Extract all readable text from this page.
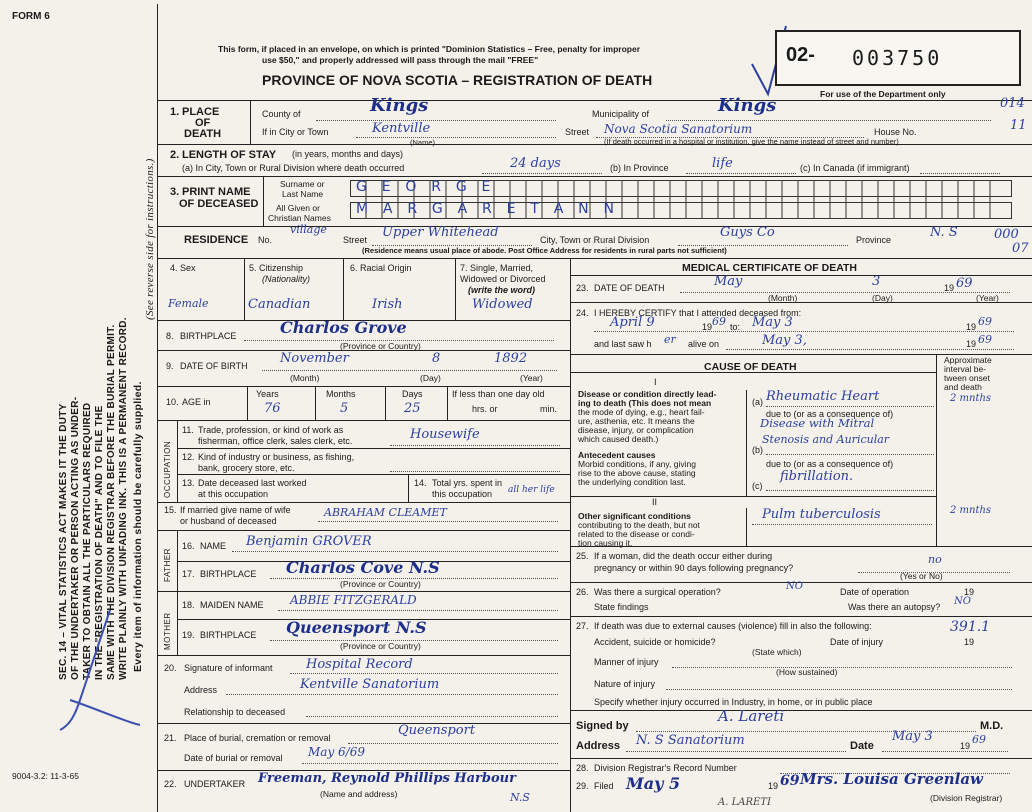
FORM 6
SEC. 14 – VITAL STATISTICS ACT MAKES IT THE DUTY OF THE UNDERTAKER OR PERSON ACTING AS UNDER- TAKER TO OBTAIN ALL THE PARTICULARS REQUIRED IN THE "REGISTRATION OF DEATH" AND TO FILE THE SAME WITH THE DIVISION REGISTRAR BEFORE THE BURIAL PERMIT. WRITE PLAINLY WITH UNFADING INK. THIS IS A PERMANENT RECORD. Every item of information should be carefully supplied.
(See reverse side for instructions.)
9004-3.2: 11-3-65
This form, if placed in an envelope, on which is printed "Dominion Statistics – Free, penalty for improper
use $50," and properly addressed will pass through the mail "FREE"
PROVINCE OF NOVA SCOTIA – REGISTRATION OF DEATH
02- 003750
For use of the Department only
014
11
000
07
1. PLACE
OF
DEATH
County of	Kings	Municipality of	Kings
If in City or Town	Kentville
(Name)
Street Nova Scotia Sanatorium	House No.
(If death occurred in a hospital or institution, give the name instead of street and number)
2. LENGTH OF STAY (in years, months and days)
(a) In City, Town or Rural Division where death occurred	24 days	(b) In Province	life	(c) In Canada (if immigrant)
3. PRINT NAME
OF DECEASED
Surname or
Last Name
All Given or
Christian Names
G E O R G E
M A R G A R E T A N N
RESIDENCE No.
village
Street Upper Whitehead	City, Town or Rural Division	Guys Co	Province	N. S
(Residence means usual place of abode. Post Office Address for residents in rural parts not sufficient)
4. Sex
Female
5. Citizenship
(Nationality)
Canadian
6. Racial Origin
Irish
7. Single, Married,
Widowed or Divorced
(write the word)
Widowed
8. BIRTHPLACE	Charlos Grove
(Province or Country)
9. DATE OF BIRTH November	8	1892
(Month)	(Day)	(Year)
10. AGE in
Years	Months	Days
76	5	25
If less than one day old
hrs. or	min.
OCCUPATION
11. Trade, profession, or kind of work as
fisherman, office clerk, sales clerk, etc.	Housewife
12. Kind of industry or business, as fishing,
bank, grocery store, etc.
13. Date deceased last worked
at this occupation
14. Total yrs. spent in
this occupation all her life
15. If married give name of wife
or husband of deceased
ABRAHAM CLEAMET
FATHER
16. NAME Benjamin GROVER
17. BIRTHPLACE Charlos Cove N.S
(Province or Country)
MOTHER
18. MAIDEN NAME ABBIE FITZGERALD
19. BIRTHPLACE Queensport N.S
(Province or Country)
20. Signature of informant	Hospital Record
Address	Kentville Sanatorium
Relationship to deceased
21. Place of burial, cremation or removal	Queensport
Date of burial or removal May 6/69
22. UNDERTAKER Freeman, Reynold Phillips Harbour
N.S
(Name and address)
MEDICAL CERTIFICATE OF DEATH
23. DATE OF DEATH	May	3	19 69
(Month)	(Day)	(Year)
24. I HEREBY CERTIFY that I attended deceased from:
April 9	19 69 to: May 3	19 69
and last saw h er alive on	May 3,	19 69
CAUSE OF DEATH
Approximate
interval be-
tween onset
and death
I
Disease or condition directly lead-
ing to death (This does not mean
the mode of dying, e.g., heart fail-
ure, asthenia, etc. It means the
disease, injury, or complication
which caused death.)
(a) Rheumatic Heart	2 mnths
due to (or as a consequence of)
Disease with Mitral
(b)
Stenosis and Auricular
Antecedent causes
Morbid conditions, if any, giving
rise to the above cause, stating
the underlying condition last.
due to (or as a consequence of)
(c)
fibrillation.
II
Other significant conditions
contributing to the death, but not
related to the disease or condi-
tion causing it.
Pulm tuberculosis	2 mnths
25. If a woman, did the death occur either during
pregnancy or within 90 days following pregnancy?
no
(Yes or No)
26. Was there a surgical operation?	NO	Date of operation	19
State findings	Was there an autopsy? NO
27. If death was due to external causes (violence) fill in also the following:	391.1
Accident, suicide or homicide?	Date of injury	19
(State which)
Manner of injury
(How sustained)
Nature of injury
Specify whether injury occurred in Industry, in home, or in public place
Signed by
A. Lareti
M.D.
Address N. S Sanatorium	Date
May 3
19 69
28. Division Registrar's Record Number
29. Filed May 5	19 69 Mrs. Louisa Greenlaw
(Division Registrar)
A. LARETI
